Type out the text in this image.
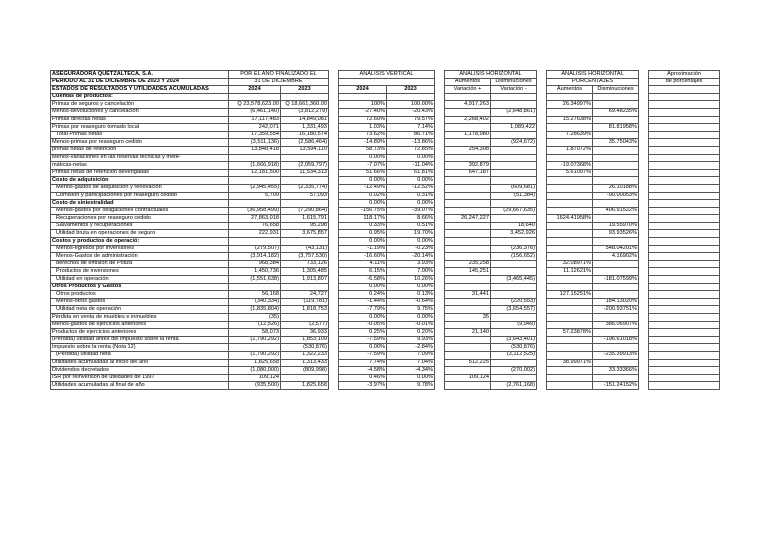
ASEGURADORA QUETZALTECA, S.A.	POR EL AÑO FINALIZADO EL			ANALISIS VERTICAL			ANALISIS HORIZONTAL			ANALISIS HORIZONTAL			Aproximación
PERIODO AL 31 DE DICIEMBRE DE 2023 Y 2024	31 DE DICIEMBRE						Aumentos	Disminuciones		PORCENTAJES			de porcentajes
ESTADOS DE RESULTADOS Y UTILIDADES ACUMULADAS	2024	2023		2024	2023		Variación +	Variación -		Aumentos	Disminuciones		
Cuentas de productos:													
Primas de seguros y cancelación	Q 23,578,623.00	Q 18,661,360.00		100%	100.00%		4,917,263			26.34997%			
Menos-devoluciones y cancelación	(6,461,140)	(3,812,279)		-27.40%	-20.43%			(2,648,861)			69.48235%		
Primas directas netas	17,117,483	14,849,081		72.60%	79.57%		2,268,402			15.27638%			
Primas por reaseguro tomado local	242,071	1,331,493		1.03%	7.14%			1,089,422			81.81958%		
Total Primas netas	17,359,554	16,180,574		73.62%	86.71%		1,178,980			7.28639%			
Menos-primas por reaseguro cedido	(3,511,136)	(2,586,464)		-14.89%	-13.86%			(924,672)			35.75043%		
primas netas de retención	13,848,418	13,594,110		58.73%	72.85%		254,308			1.87072%			
Menos-variaciones en las reservas técnicas y mete-				0.00%	0.00%								
máticas-netas	(1,666,918)	(2,059,797)		-7.07%	-11.04%		392,879			-19.07368%			
Primas netas de retención devengadas	12,181,500	11,534,313		51.66%	61.81%		647,187			5.61097%			
Costo de adquisición				0.00%	0.00%								
Menos-gastos de adquisición y renovación	(2,945,455)	(2,335,774)		-12.49%	-12.52%			(609,681)			26.10188%		
Comisión y participaciones por reaseguro cedido	5,709	57,093		0.02%	0.31%			(51,384)			-90.00053%		
Costo de siniestralidad				0.00%	0.00%								
Menos-gastos por obligaciones contractuales	(36,958,499)	(7,290,864)		-156.75%	-39.07%			(29,667,635)			406.91522%		
Recuperaciones por reaseguro cedido	27,863,018	1,615,791		118.17%	8.66%		26,247,227			1624.41958%			
Salvamentos y recuperaciones	76,658	95,298		0.33%	0.51%			18,640			19.55970%		
Utilidad bruta en operaciones de seguro	222,931	3,675,857		0.95%	19.70%			3,452,926			93.93526%		
Costos y productos de operació:				0.00%	0.00%								
Menos-egresos por inversiones	(279,507)	(43,131)		-1.19%	-0.23%			(236,376)			548.04201%		
Menos-Gastos de administración	(3,914,182)	(3,757,530)		-16.60%	-20.14%			(156,652)			4.16902%		
derechos de emisión de Póliza	968,384	733,126		4.11%	3.93%		235,258			32.08971%			
Productos de inversiones	1,450,736	1,305,485		6.15%	7.00%		145,251			11.12621%			
Utilidad en operación	(1,551,638)	1,913,807		-6.58%	10.26%			(3,465,445)			-181.07599%		
Otros Productos y Gastos				0.00%	0.00%								
Otros productos	56,168	24,727		0.24%	0.13%		31,441			127.15251%			
Menos-otros gastos	(340,334)	(119,781)		-1.44%	-0.64%			(220,553)			184.13020%		
Utilidad neta de operación	(1,835,804)	1,818,753		-7.79%	9.75%			(3,654,557)			-200.93751%		
Pérdida en venta de muebles e inmuebles	(35)			0.00%	0.00%		35						
Menos-gastos de ejercicios anteriores	(12,526)	(2,577)		-0.05%	-0.01%			(9,949)			386.06907%		
Productos de ejercicios anteriores	58,073	36,933		0.25%	0.20%		21,140			57.23878%			
(Pérdida) utilidad antes del impuesto sobre la renta	(1,790,292)	1,853,109		-7.59%	9.93%			(3,643,401)			-196.61018%		
Impuesto sobre la renta (Nota 12)		(530,876)		0.00%	-2.84%			(530,876)					
(Pérdida) utilidad neta	(1,790,292)	1,322,233		-7.59%	7.09%			(3,112,525)			-235.39913%		
Utilidades acumuladas al inicio del año	1,825,658	1,313,433		7.74%	7.04%		512,225			38.99971%			
Dividendos decretados	(1,080,000)	(809,998)		-4.58%	-4.34%			(270,002)			33.33366%		
ISR por reinversión de utilidades de 1997	109,124			0.46%	0.00%		109,124						
Utilidades acumuladas al final de año	(935,500)	1,825,658		-3.97%	9.78%			(2,761,168)			-151.24152%		
